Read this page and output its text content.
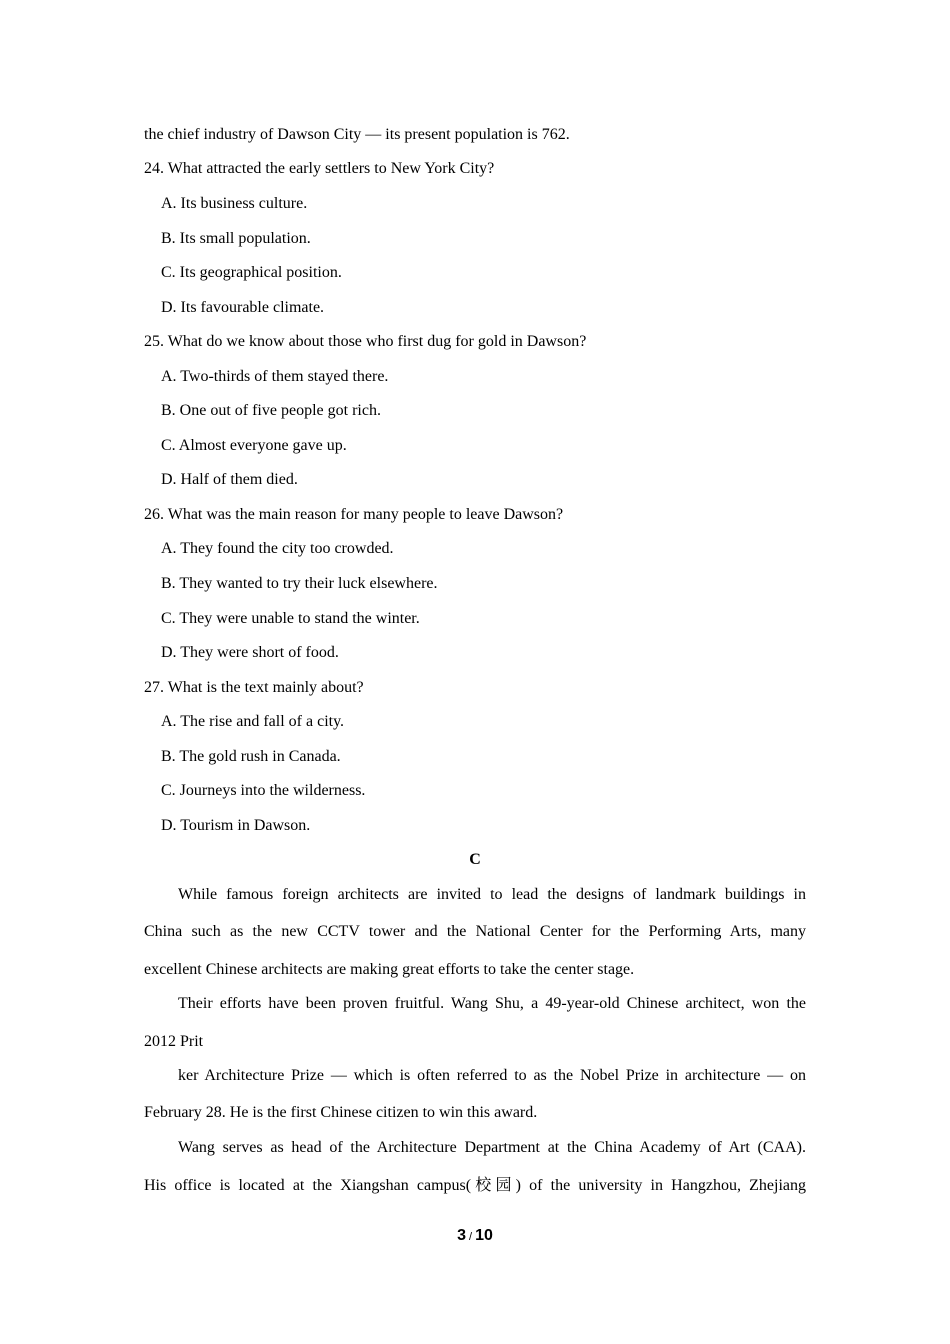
the chief industry of Dawson City — its present population is 762.
24. What attracted the early settlers to New York City?
A. Its business culture.
B. Its small population.
C. Its geographical position.
D. Its favourable climate.
25. What do we know about those who first dug for gold in Dawson?
A. Two-thirds of them stayed there.
B. One out of five people got rich.
C. Almost everyone gave up.
D. Half of them died.
26. What was the main reason for many people to leave Dawson?
A. They found the city too crowded.
B. They wanted to try their luck elsewhere.
C. They were unable to stand the winter.
D. They were short of food.
27. What is the text mainly about?
A. The rise and fall of a city.
B. The gold rush in Canada.
C. Journeys into the wilderness.
D. Tourism in Dawson.
C
While famous foreign architects are invited to lead the designs of landmark buildings in
China such as the new CCTV tower and the National Center for the Performing Arts, many
excellent Chinese architects are making great efforts to take the center stage.
Their efforts have been proven fruitful. Wang Shu, a 49-year-old Chinese architect, won the
2012 Prit
ker Architecture Prize — which is often referred to as the Nobel Prize in architecture — on
February 28. He is the first Chinese citizen to win this award.
Wang serves as head of the Architecture Department at the China Academy of Art (CAA).
His office is located at the Xiangshan campus(校园) of the university in Hangzhou, Zhejiang
3 / 10
